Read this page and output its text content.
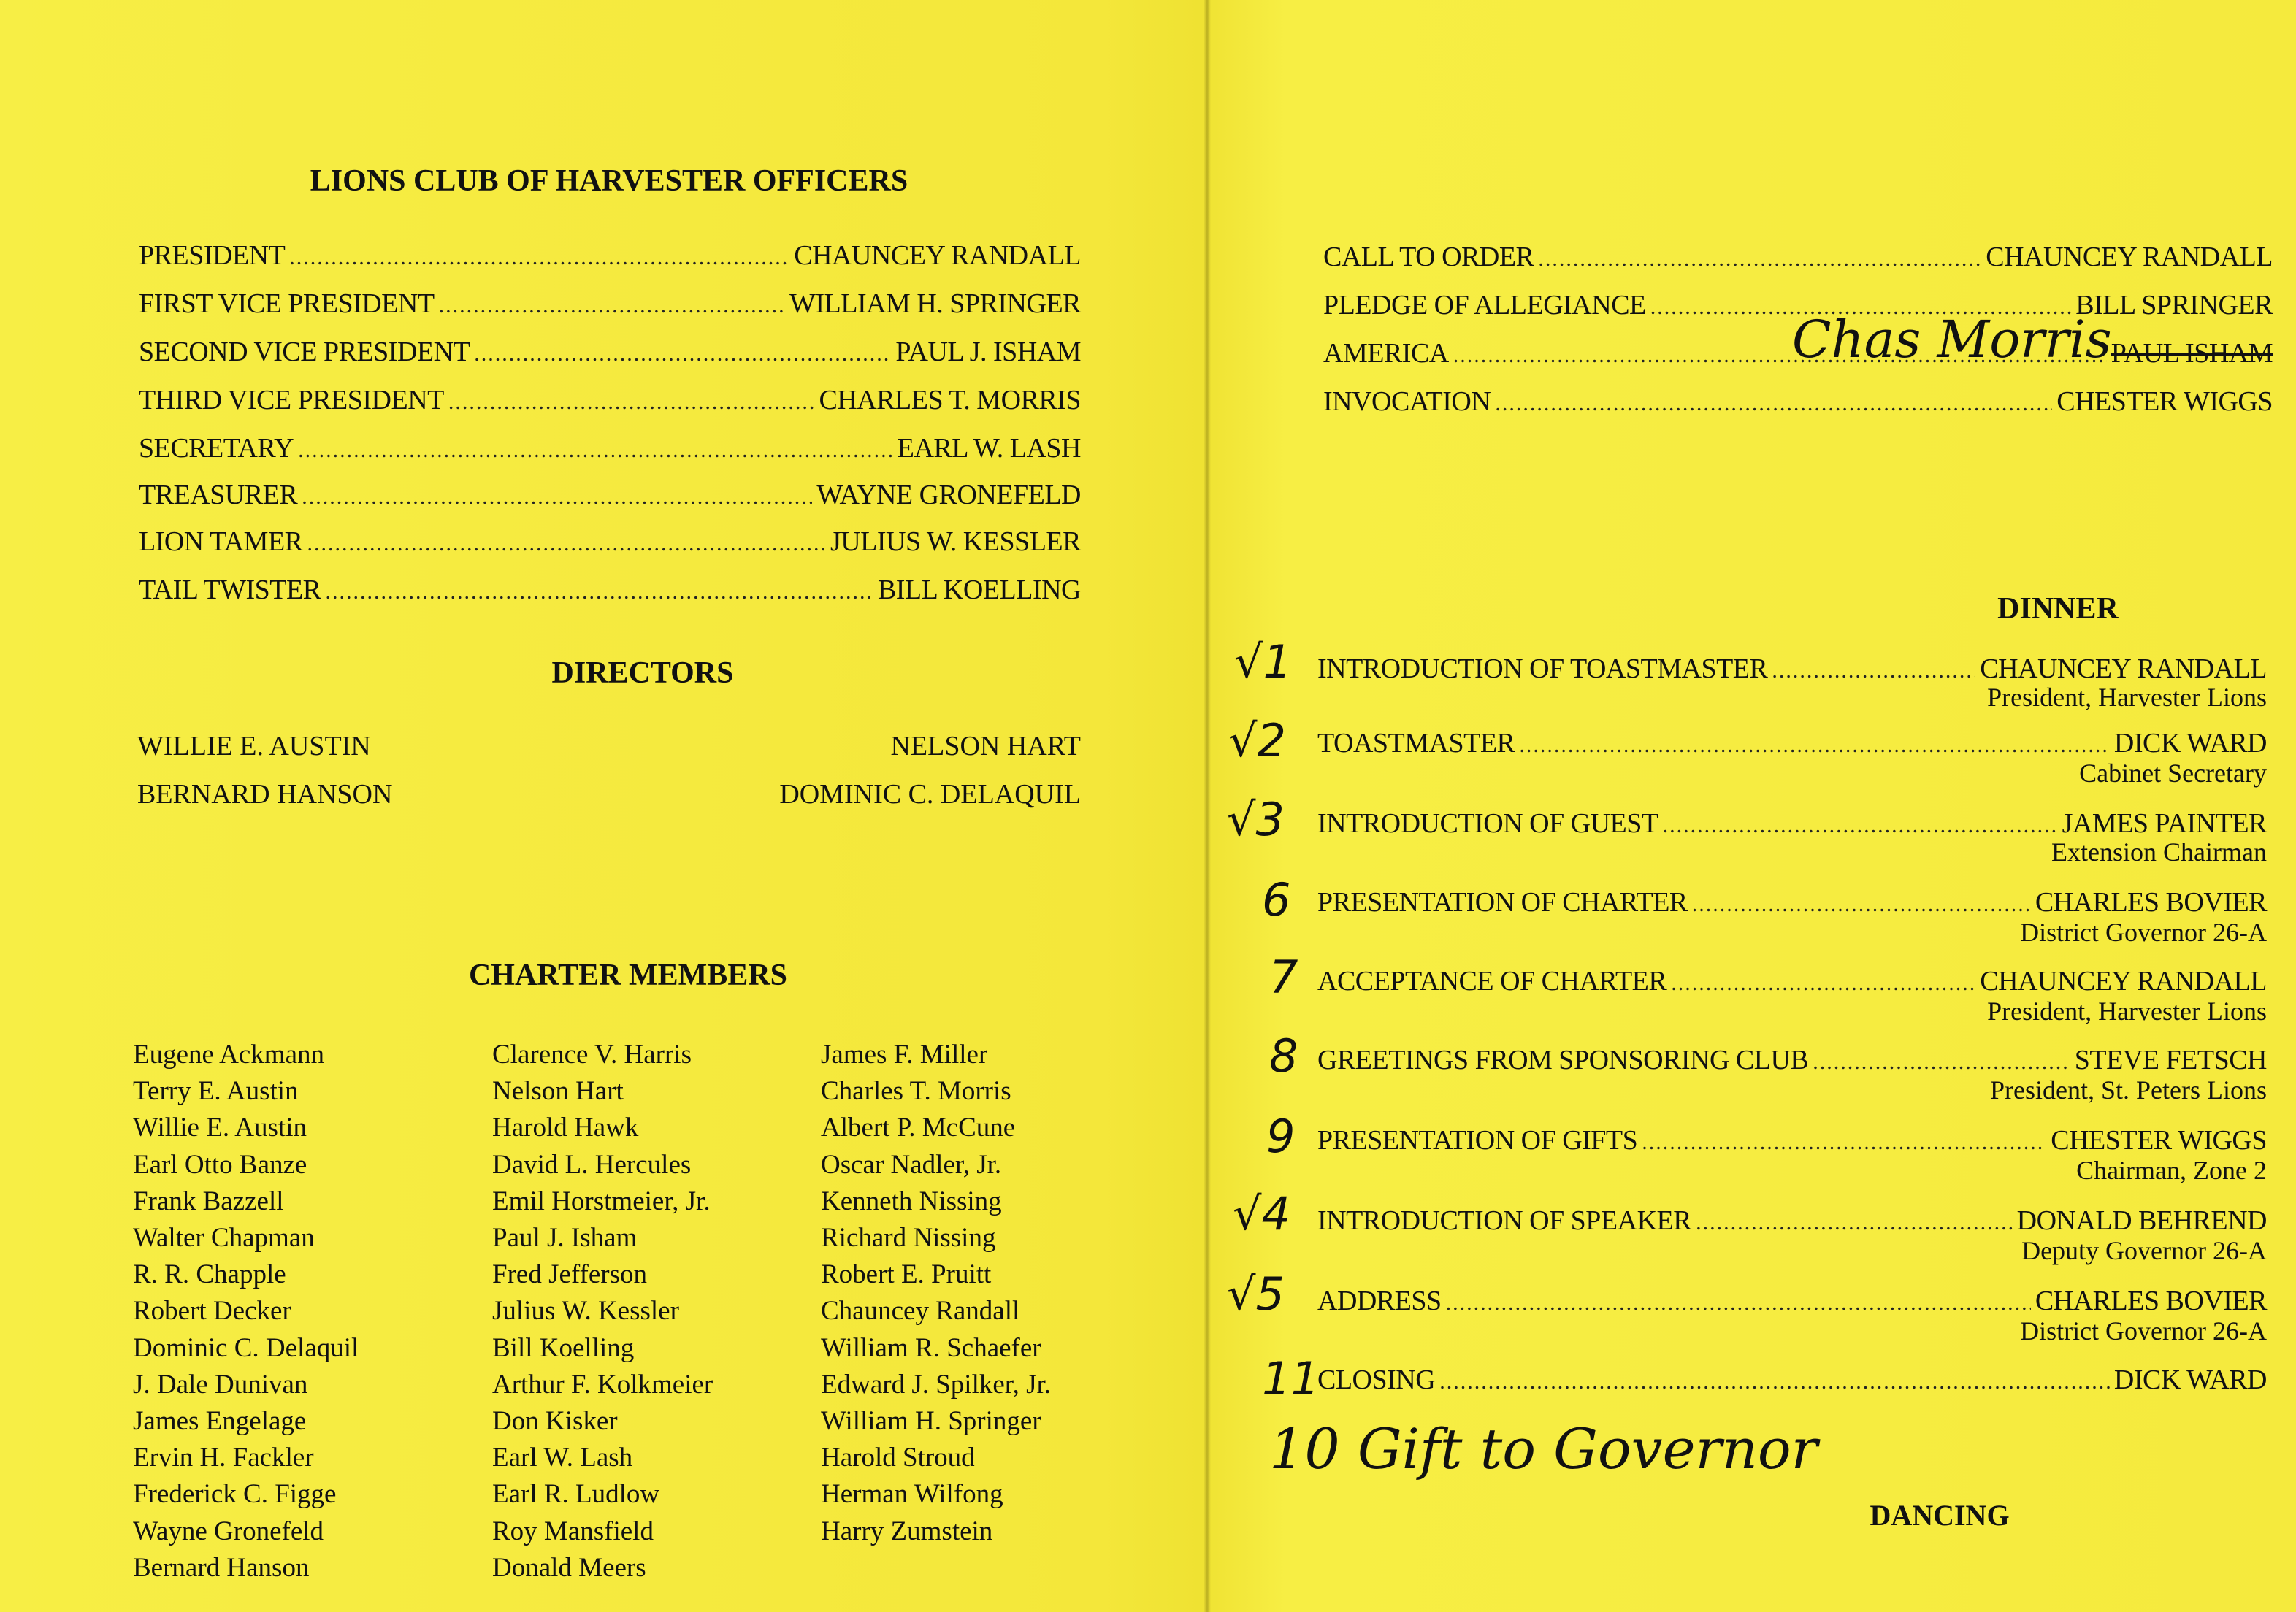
LIONS CLUB OF HARVESTER OFFICERS
PRESIDENT .....	CHAUNCEY RANDALL
FIRST VICE PRESIDENT .....	WILLIAM H. SPRINGER
SECOND VICE PRESIDENT .....	PAUL J. ISHAM
THIRD VICE PRESIDENT .....	CHARLES T. MORRIS
SECRETARY .....	EARL W. LASH
TREASURER .....	WAYNE GRONEFELD
LION TAMER .....	JULIUS W. KESSLER
TAIL TWISTER .....	BILL KOELLING
DIRECTORS
WILLIE E. AUSTIN	NELSON HART
BERNARD HANSON	DOMINIC C. DELAQUIL
CHARTER MEMBERS
Eugene Ackmann
Terry E. Austin
Willie E. Austin
Earl Otto Banze
Frank Bazzell
Walter Chapman
R. R. Chapple
Robert Decker
Dominic C. Delaquil
J. Dale Dunivan
James Engelage
Ervin H. Fackler
Frederick C. Figge
Wayne Gronefeld
Bernard Hanson
Clarence V. Harris
Nelson Hart
Harold Hawk
David L. Hercules
Emil Horstmeier, Jr.
Paul J. Isham
Fred Jefferson
Julius W. Kessler
Bill Koelling
Arthur F. Kolkmeier
Don Kisker
Earl W. Lash
Earl R. Ludlow
Roy Mansfield
Donald Meers
James F. Miller
Charles T. Morris
Albert P. McCune
Oscar Nadler, Jr.
Kenneth Nissing
Richard Nissing
Robert E. Pruitt
Chauncey Randall
William R. Schaefer
Edward J. Spilker, Jr.
William H. Springer
Harold Stroud
Herman Wilfong
Harry Zumstein
CALL TO ORDER .....	CHAUNCEY RANDALL
PLEDGE OF ALLEGIANCE .....	BILL SPRINGER
AMERICA .....	PAUL ISHAM
Chas Morris
INVOCATION .....	CHESTER WIGGS
DINNER
√1 INTRODUCTION OF TOASTMASTER .....	CHAUNCEY RANDALL
President, Harvester Lions
√2 TOASTMASTER .....	DICK WARD
Cabinet Secretary
√3 INTRODUCTION OF GUEST .....	JAMES PAINTER
Extension Chairman
6 PRESENTATION OF CHARTER .....	CHARLES BOVIER
District Governor 26-A
7 ACCEPTANCE OF CHARTER .....	CHAUNCEY RANDALL
President, Harvester Lions
8 GREETINGS FROM SPONSORING CLUB .....	STEVE FETSCH
President, St. Peters Lions
9 PRESENTATION OF GIFTS .....	CHESTER WIGGS
Chairman, Zone 2
√4 INTRODUCTION OF SPEAKER .....	DONALD BEHREND
Deputy Governor 26-A
√5 ADDRESS .....	CHARLES BOVIER
District Governor 26-A
11
CLOSING .....	DICK WARD
10 Gift to Governor
DANCING
